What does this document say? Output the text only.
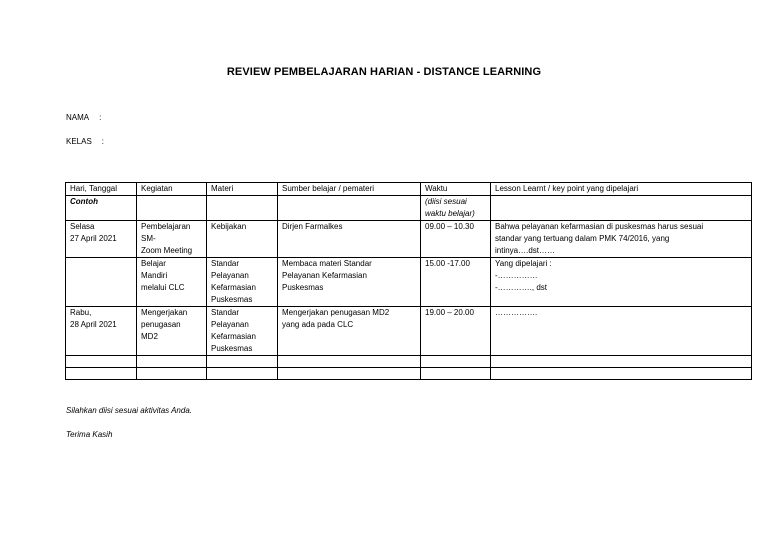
REVIEW PEMBELAJARAN HARIAN - DISTANCE LEARNING
NAMA :
KELAS :
Hari, Tanggal	Kegiatan	Materi	Sumber belajar / pemateri	Waktu	Lesson Learnt / key point yang dipelajari
Contoh				(diisi sesuai
waktu belajar)	

Selasa
27 April 2021	Pembelajaran
SM-
Zoom Meeting	Kebijakan	Dirjen Farmalkes	09.00 – 10.30	Bahwa pelayanan kefarmasian di puskesmas harus sesuai
standar yang tertuang dalam PMK 74/2016, yang
intinya….dst……

	Belajar
Mandiri
melalui CLC	Standar
Pelayanan
Kefarmasian
Puskesmas	Membaca materi Standar
Pelayanan Kefarmasian
Puskesmas	15.00 -17.00	Yang dipelajari :
-……………
-…………., dst

Rabu,
28 April 2021	Mengerjakan
penugasan
MD2	Standar
Pelayanan
Kefarmasian
Puskesmas	Mengerjakan penugasan MD2
yang ada pada CLC	19.00 – 20.00	…………….

Silahkan diisi sesuai aktivitas Anda.
Terima Kasih
